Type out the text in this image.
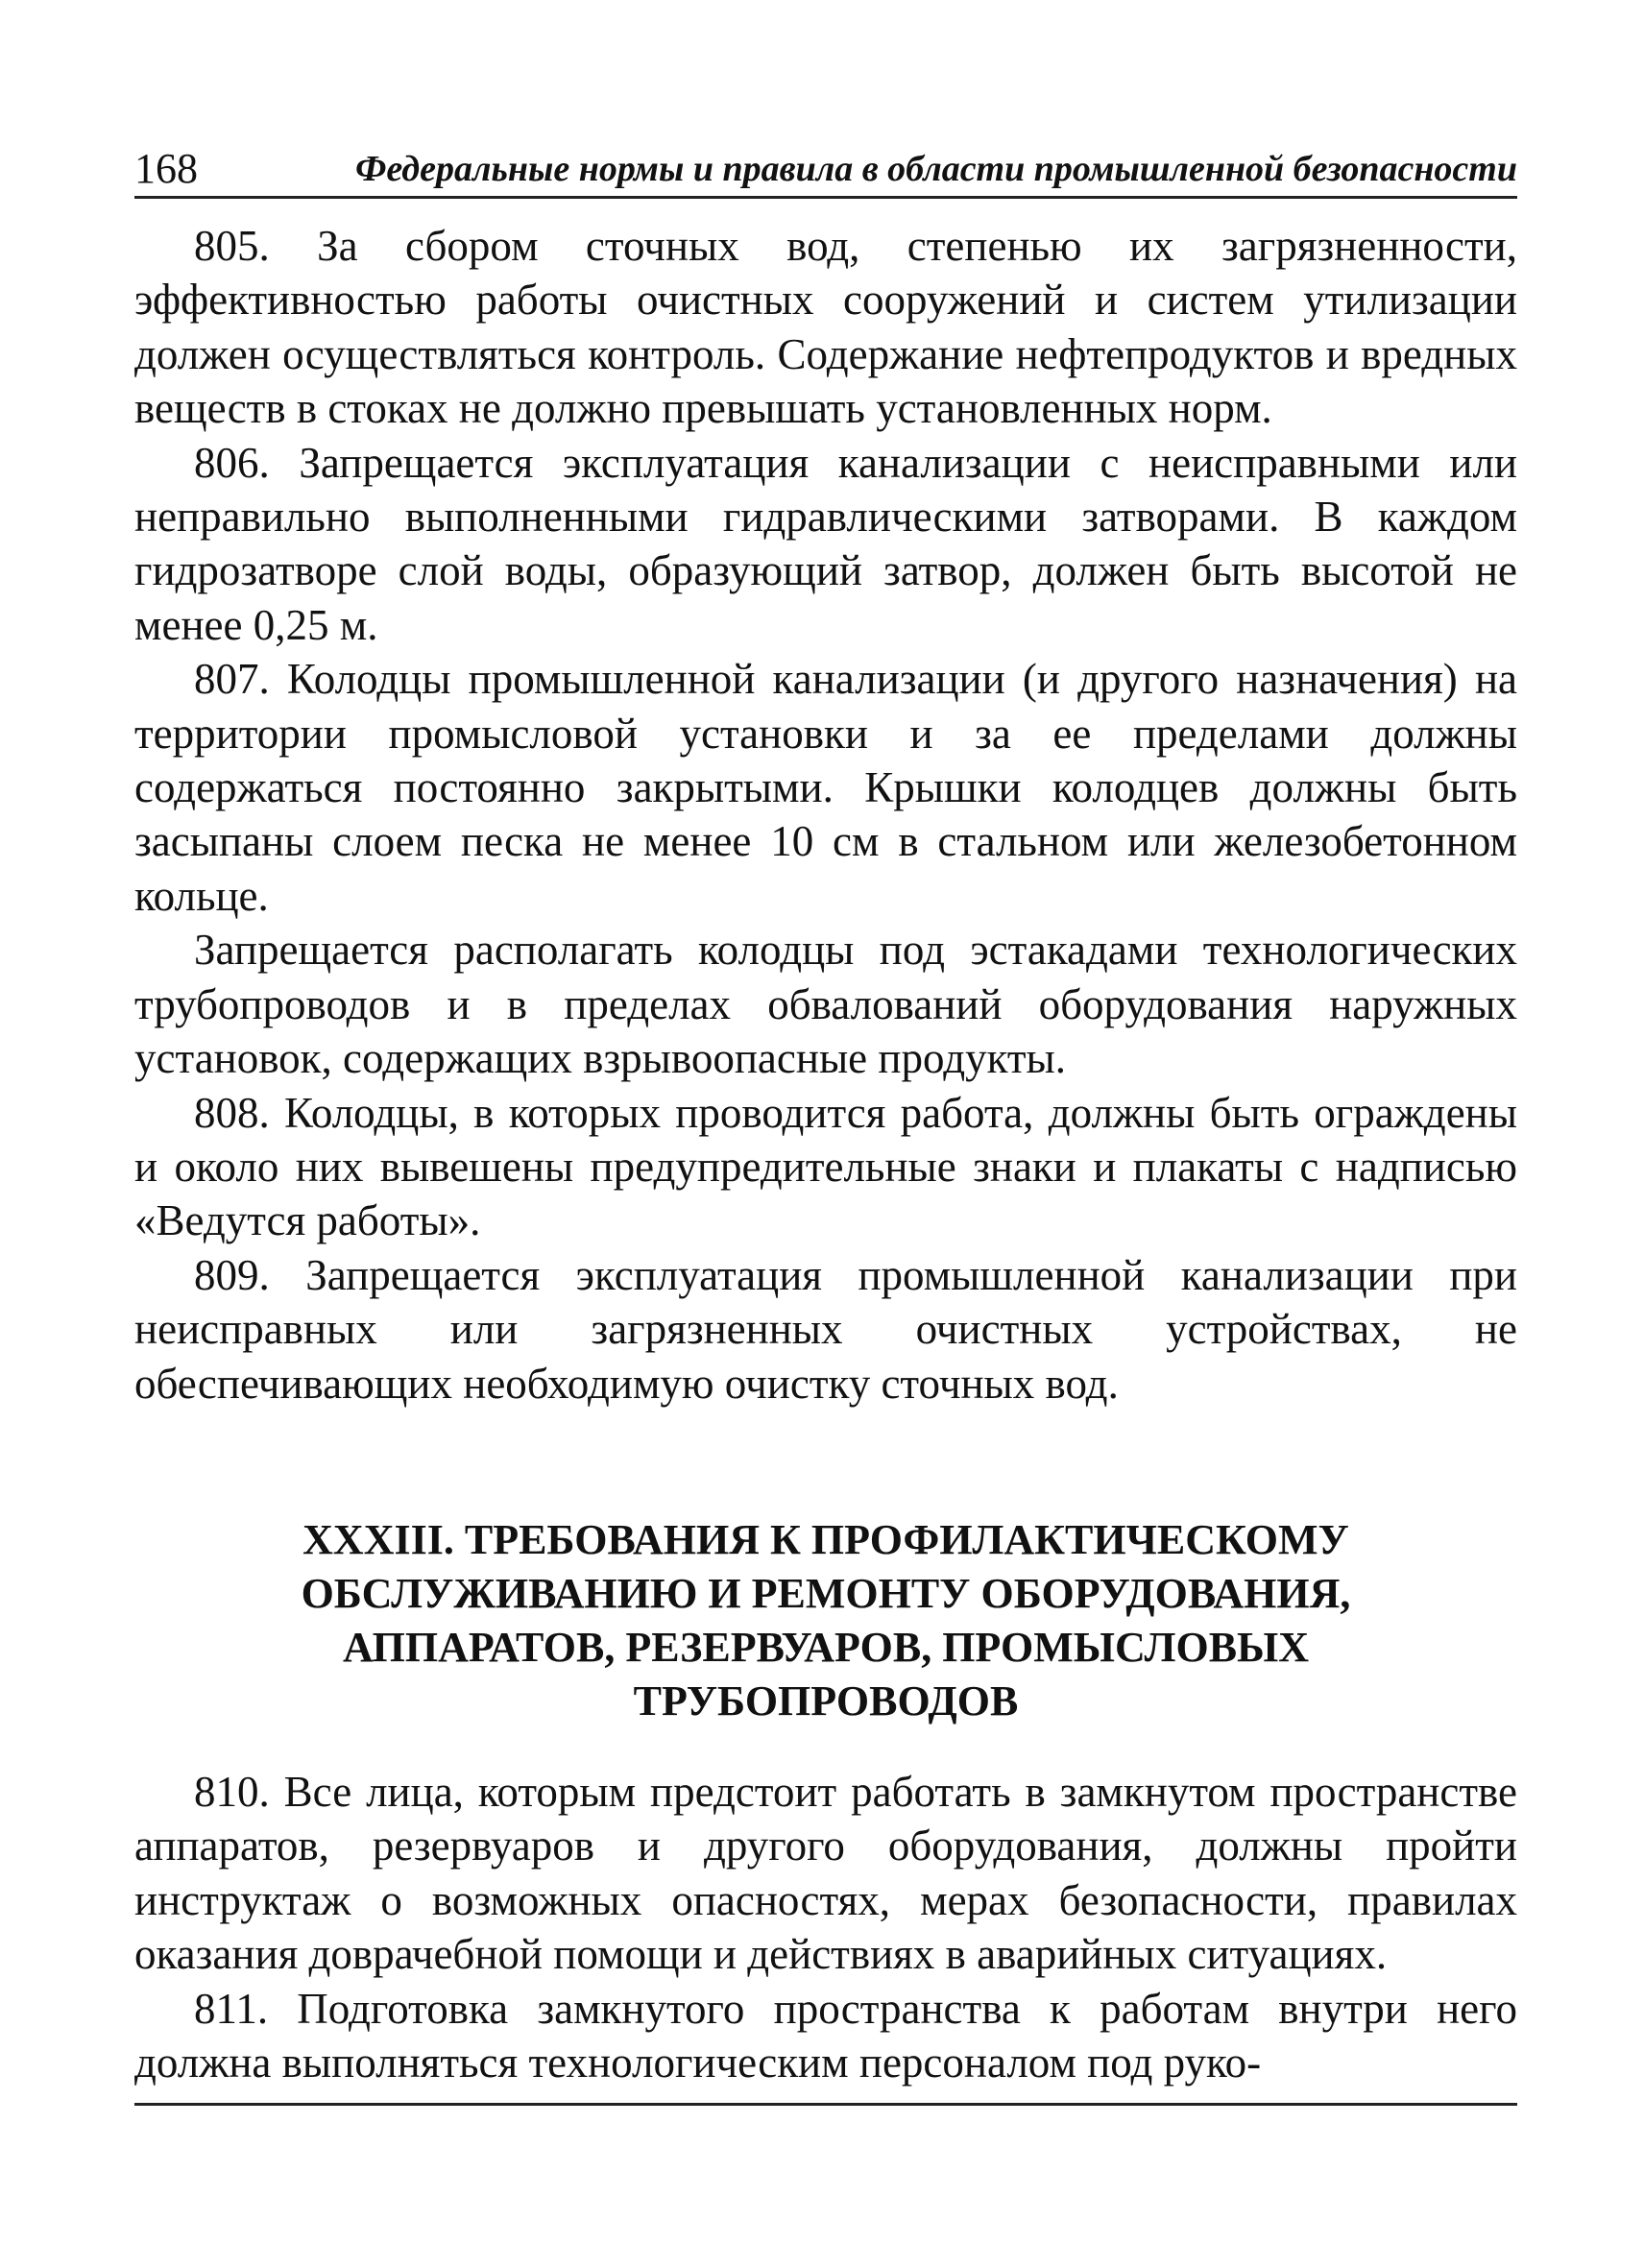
168	Федеральные нормы и правила в области промышленной безопасности

805. За сбором сточных вод, степенью их загрязненности, эффективностью работы очистных сооружений и систем утилизации должен осуществляться контроль. Содержание нефтепродуктов и вредных веществ в стоках не должно превышать установленных норм.

806. Запрещается эксплуатация канализации с неисправными или неправильно выполненными гидравлическими затворами. В каждом гидрозатворе слой воды, образующий затвор, должен быть высотой не менее 0,25 м.

807. Колодцы промышленной канализации (и другого назначения) на территории промысловой установки и за ее пределами должны содержаться постоянно закрытыми. Крышки колодцев должны быть засыпаны слоем песка не менее 10 см в стальном или железобетонном кольце.

Запрещается располагать колодцы под эстакадами технологических трубопроводов и в пределах обвалований оборудования наружных установок, содержащих взрывоопасные продукты.

808. Колодцы, в которых проводится работа, должны быть ограждены и около них вывешены предупредительные знаки и плакаты с надписью «Ведутся работы».

809. Запрещается эксплуатация промышленной канализации при неисправных или загрязненных очистных устройствах, не обеспечивающих необходимую очистку сточных вод.

XXXIII. ТРЕБОВАНИЯ К ПРОФИЛАКТИЧЕСКОМУ
ОБСЛУЖИВАНИЮ И РЕМОНТУ ОБОРУДОВАНИЯ,
АППАРАТОВ, РЕЗЕРВУАРОВ, ПРОМЫСЛОВЫХ
ТРУБОПРОВОДОВ

810. Все лица, которым предстоит работать в замкнутом пространстве аппаратов, резервуаров и другого оборудования, должны пройти инструктаж о возможных опасностях, мерах безопасности, правилах оказания доврачебной помощи и действиях в аварийных ситуациях.

811. Подготовка замкнутого пространства к работам внутри него должна выполняться технологическим персоналом под руко-
